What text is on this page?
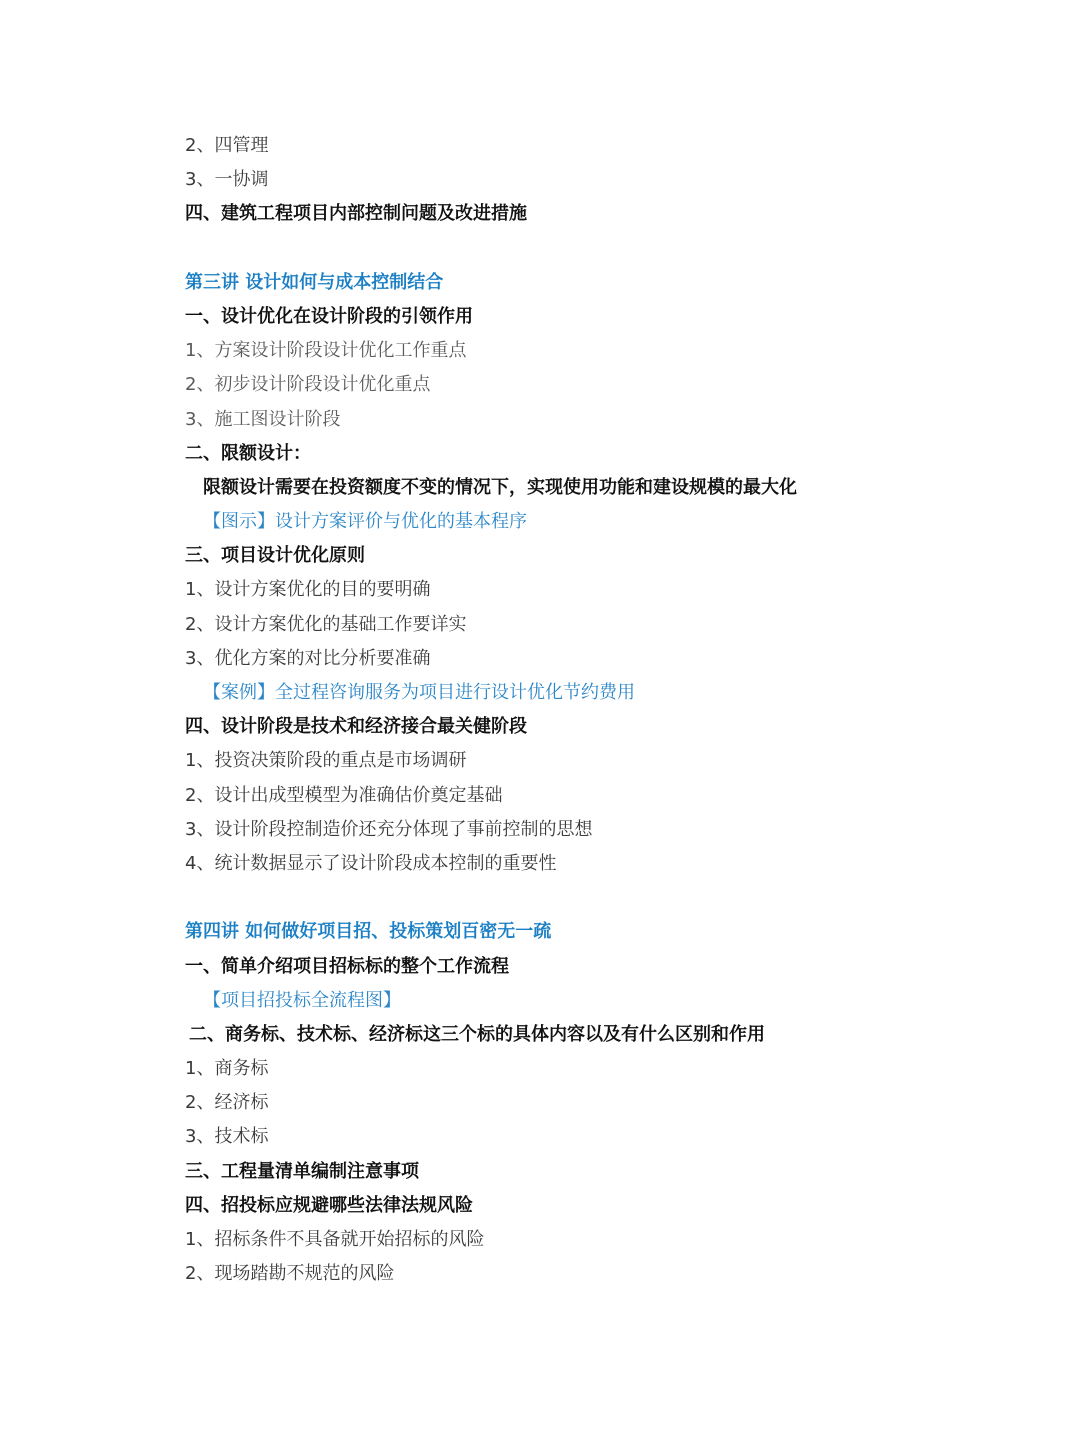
2、四管理
3、一协调
四、建筑工程项目内部控制问题及改进措施
第三讲 设计如何与成本控制结合
一、设计优化在设计阶段的引领作用
1、方案设计阶段设计优化工作重点
2、初步设计阶段设计优化重点
3、施工图设计阶段
二、限额设计：
限额设计需要在投资额度不变的情况下，实现使用功能和建设规模的最大化
【图示】设计方案评价与优化的基本程序
三、项目设计优化原则
1、设计方案优化的目的要明确
2、设计方案优化的基础工作要详实
3、优化方案的对比分析要准确
【案例】全过程咨询服务为项目进行设计优化节约费用
四、设计阶段是技术和经济接合最关健阶段
1、投资决策阶段的重点是市场调研
2、设计出成型模型为准确估价奠定基础
3、设计阶段控制造价还充分体现了事前控制的思想
4、统计数据显示了设计阶段成本控制的重要性
第四讲 如何做好项目招、投标策划百密无一疏
一、简单介绍项目招标标的整个工作流程
【项目招投标全流程图】
二、商务标、技术标、经济标这三个标的具体内容以及有什么区别和作用
1、商务标
2、经济标
3、技术标
三、工程量清单编制注意事项
四、招投标应规避哪些法律法规风险
1、招标条件不具备就开始招标的风险
2、现场踏勘不规范的风险
